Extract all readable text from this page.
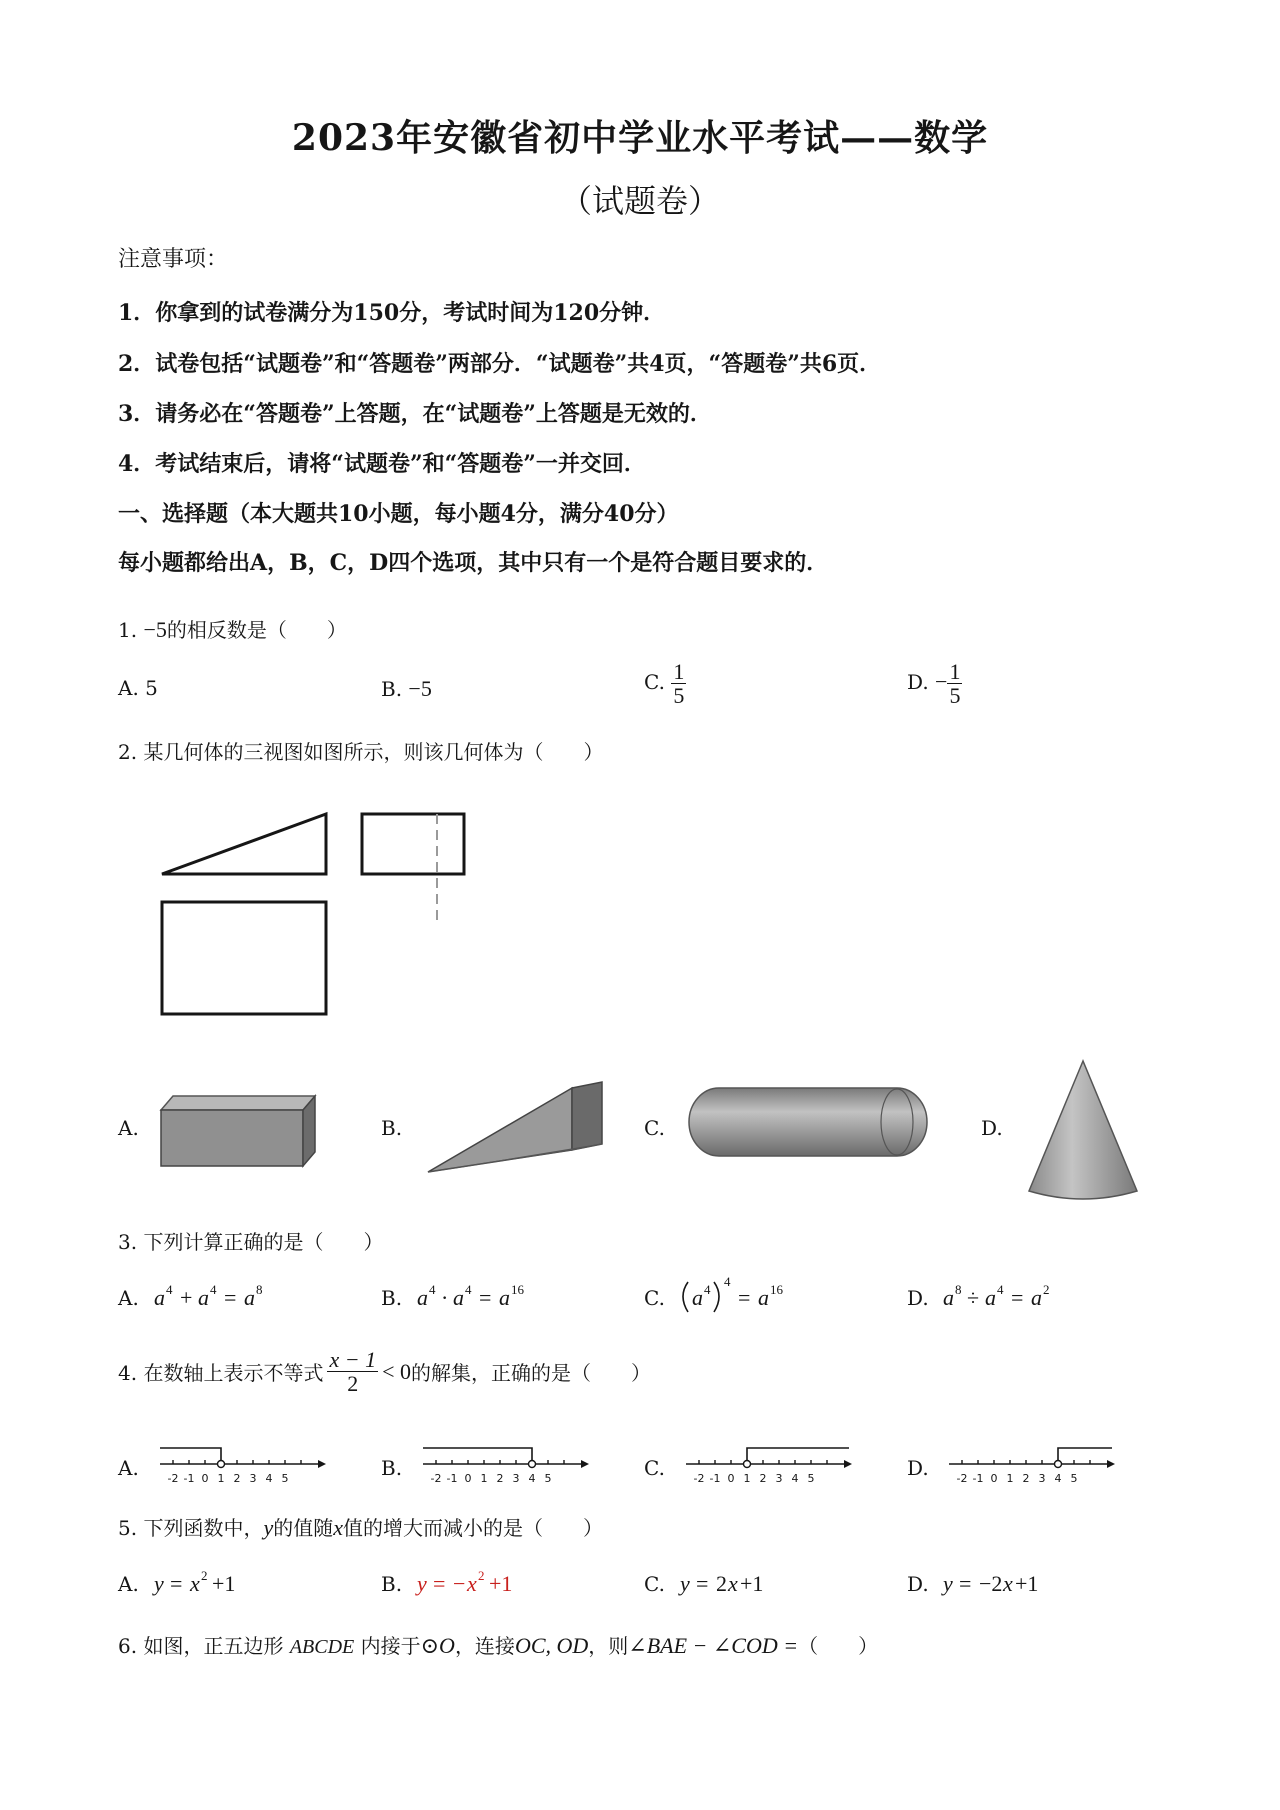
2023年安徽省初中学业水平考试——数学
（试题卷）
注意事项：
1．你拿到的试卷满分为150分，考试时间为120分钟．
2．试卷包括“试题卷”和“答题卷”两部分．“试题卷”共4页，“答题卷”共6页．
3．请务必在“答题卷”上答题，在“试题卷”上答题是无效的．
4．考试结束后，请将“试题卷”和“答题卷”一并交回．
一、选择题（本大题共10小题，每小题4分，满分40分）
每小题都给出A，B，C，D四个选项，其中只有一个是符合题目要求的．
1. −5的相反数是（　　）
A. 5	B. −5	C. $\frac{1}{5}$	D. − $\frac{1}{5}$
2. 某几何体的三视图如图所示，则该几何体为（　　）
A.	B.	C.	D.
3. 下列计算正确的是（　　）
A. a 4 + a 4 = a 8	B. a 4 · a 4 = a 16	C. a 4
4
= a 16	D. a 8 ÷ a 4 = a 2
4. 在数轴上表示不等式 $\frac{x - 1}{2} < 0$ 的解集，正确的是（　　）
A.	-2 -1 0 1 2 3 4 5	B.	-2 -1 0 1 2 3 4 5	C.	-2 -1 0 1 2 3 4 5	D.	-2 -1 0 1 2 3 4 5
5. 下列函数中，y的值随x值的增大而减小的是（　　）
A. y = x 2 +1	B. y = − x 2 +1	C. y = 2 x +1	D. y = −2 x +1
6. 如图，正五边形 ABCDE 内接于⊙O，连接OC, OD，则∠BAE − ∠COD =（　　）
